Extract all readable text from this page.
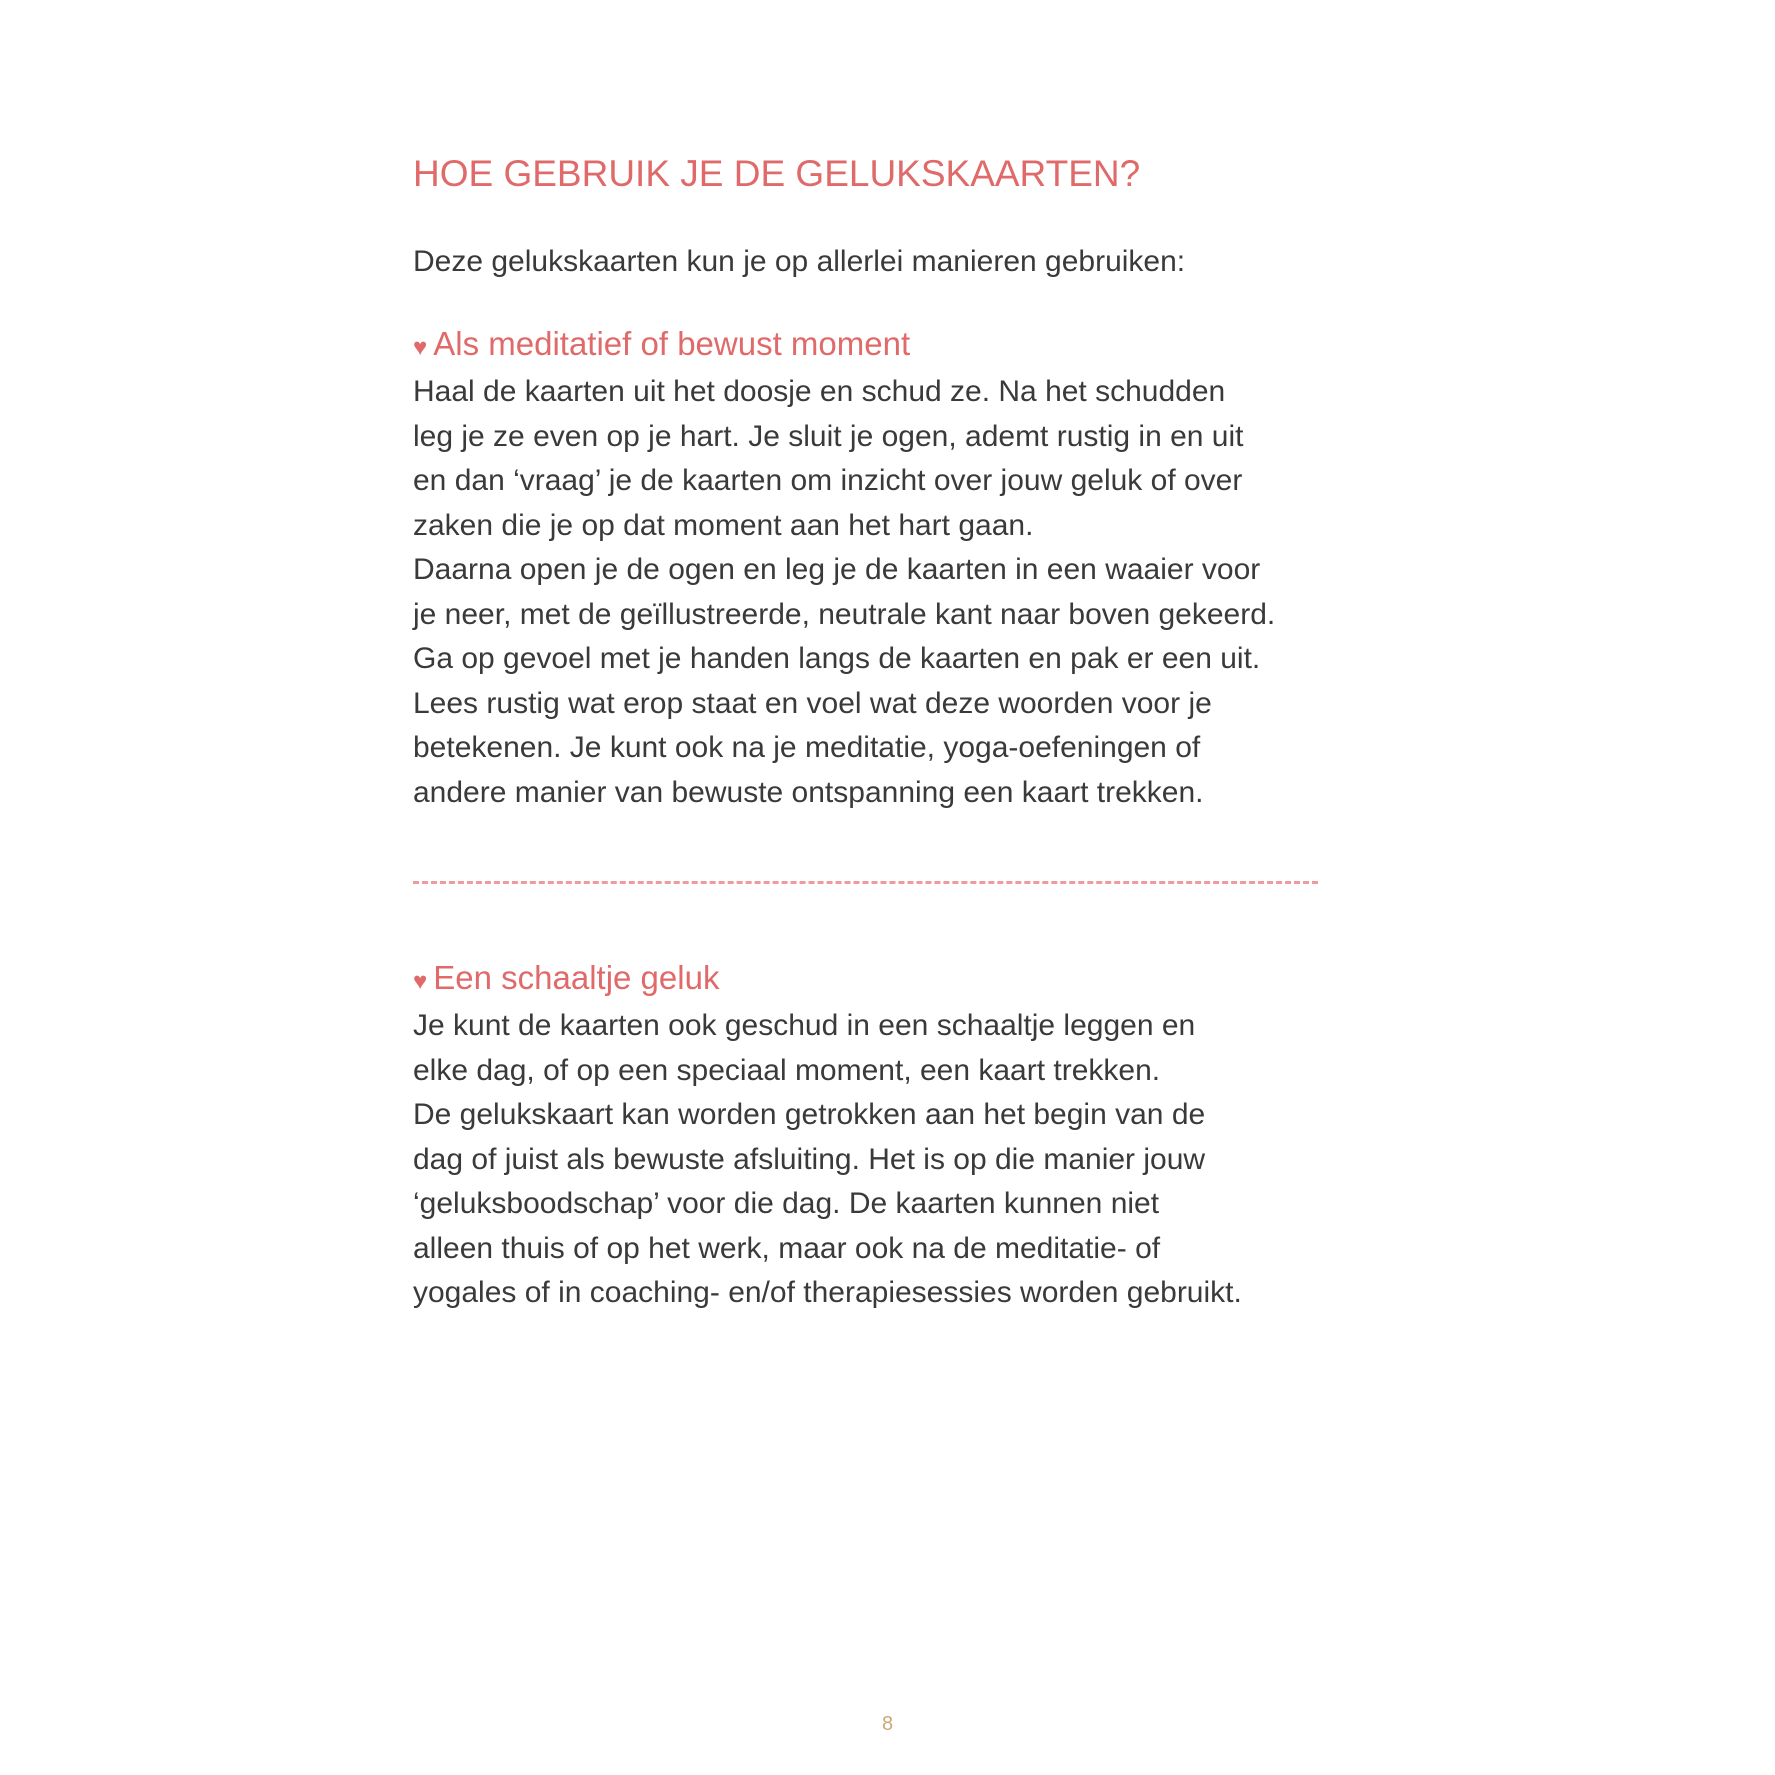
HOE GEBRUIK JE DE GELUKSKAARTEN?

Deze gelukskaarten kun je op allerlei manieren gebruiken:

♥ Als meditatief of bewust moment

Haal de kaarten uit het doosje en schud ze. Na het schudden
leg je ze even op je hart. Je sluit je ogen, ademt rustig in en uit
en dan ‘vraag’ je de kaarten om inzicht over jouw geluk of over
zaken die je op dat moment aan het hart gaan.
Daarna open je de ogen en leg je de kaarten in een waaier voor
je neer, met de geïllustreerde, neutrale kant naar boven gekeerd.
Ga op gevoel met je handen langs de kaarten en pak er een uit.
Lees rustig wat erop staat en voel wat deze woorden voor je
betekenen. Je kunt ook na je meditatie, yoga-oefeningen of
andere manier van bewuste ontspanning een kaart trekken.

♥ Een schaaltje geluk

Je kunt de kaarten ook geschud in een schaaltje leggen en
elke dag, of op een speciaal moment, een kaart trekken.
De gelukskaart kan worden getrokken aan het begin van de
dag of juist als bewuste afsluiting. Het is op die manier jouw
‘geluksboodschap’ voor die dag. De kaarten kunnen niet
alleen thuis of op het werk, maar ook na de meditatie- of
yogales of in coaching- en/of therapiesessies worden gebruikt.

8
